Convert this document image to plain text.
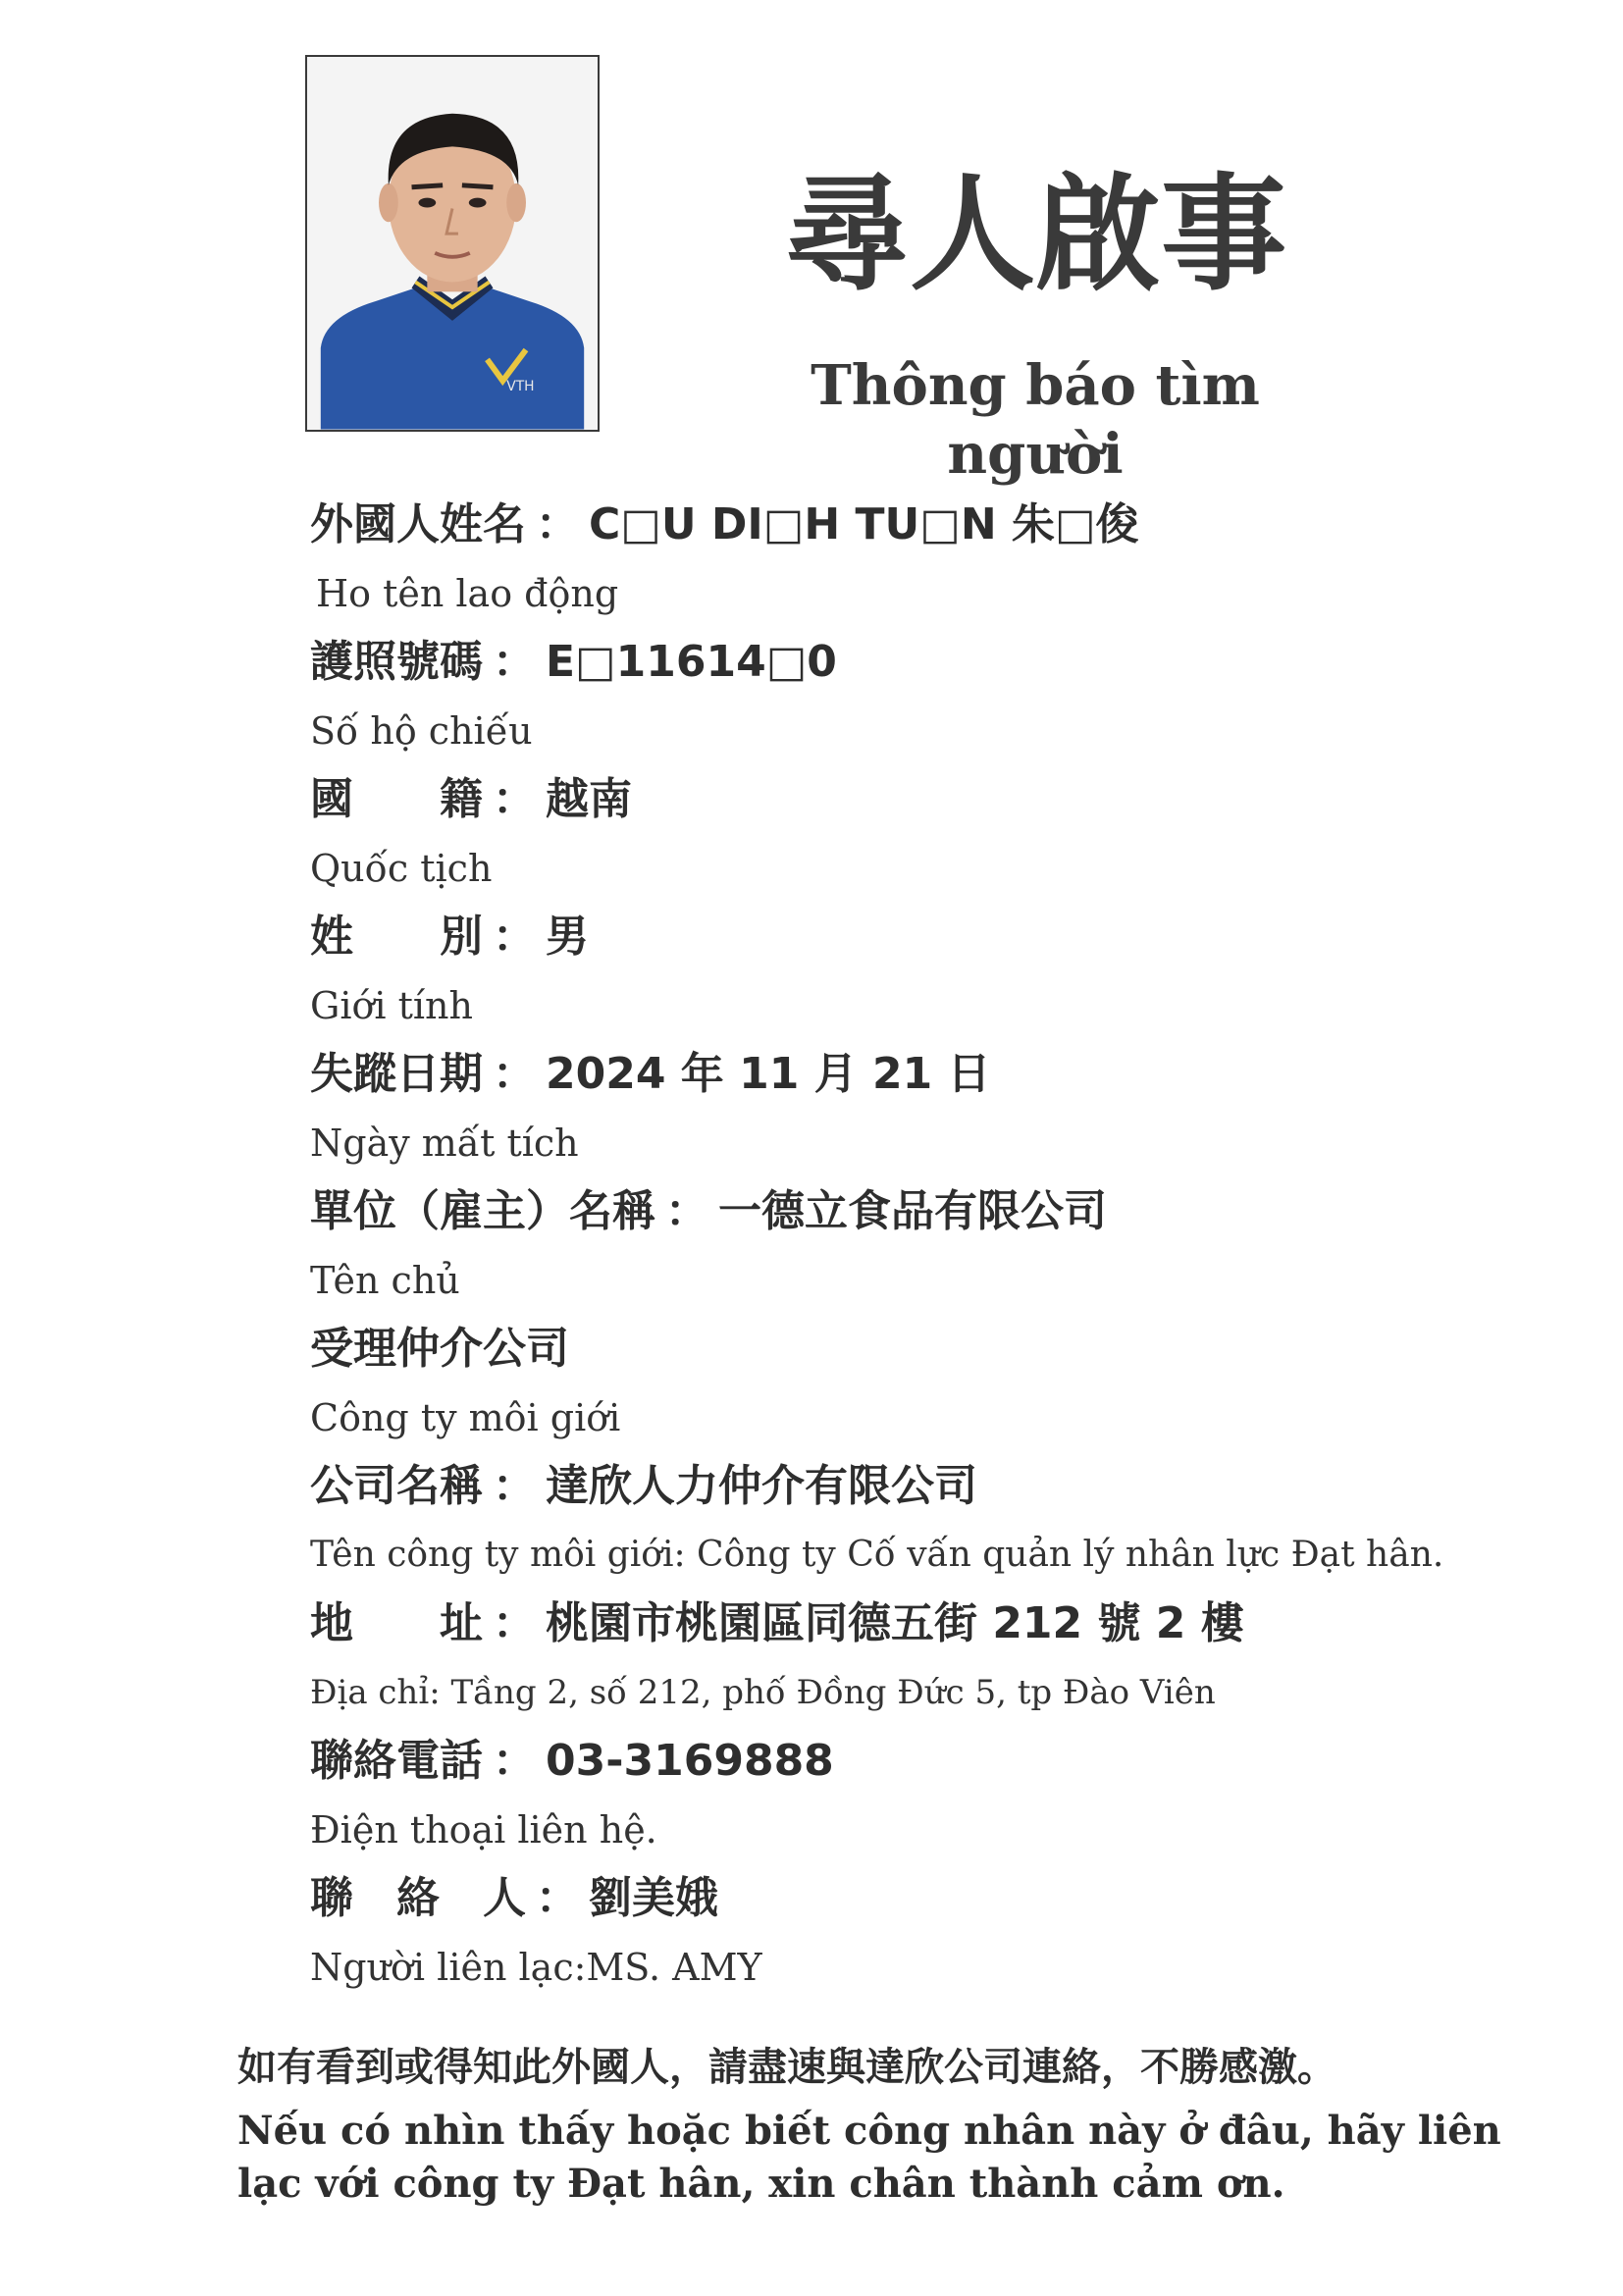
VTH
尋人啟事
Thông báo tìm người
外國人姓名 ： C□U DI□H TU□N 朱□俊
Ho tên lao động
護照號碼 ： E□11614□0
Số hộ chiếu
國　　籍 ： 越南
Quốc tịch
姓　　別 ： 男
Giới tính
失蹤日期 ： 2024 年 11 月 21 日
Ngày mất tích
單位（雇主）名稱 ： 一德立食品有限公司
Tên chủ
受理仲介公司
Công ty môi giới
公司名稱 ： 達欣人力仲介有限公司
Tên công ty môi giới: Công ty Cố vấn quản lý nhân lực Đạt hân.
地　　址 ： 桃園市桃園區同德五街 212 號 2 樓
Địa chỉ: Tầng 2, số 212, phố Đồng Đức 5, tp Đào Viên
聯絡電話 ： 03-3169888
Điện thoại liên hệ.
聯　絡　人 ： 劉美娥
Người liên lạc:MS. AMY
如有看到或得知此外國人，請盡速與達欣公司連絡，不勝感激。
Nếu có nhìn thấy hoặc biết công nhân này ở đâu, hãy liên lạc với công ty Đạt hân, xin chân thành cảm ơn.
